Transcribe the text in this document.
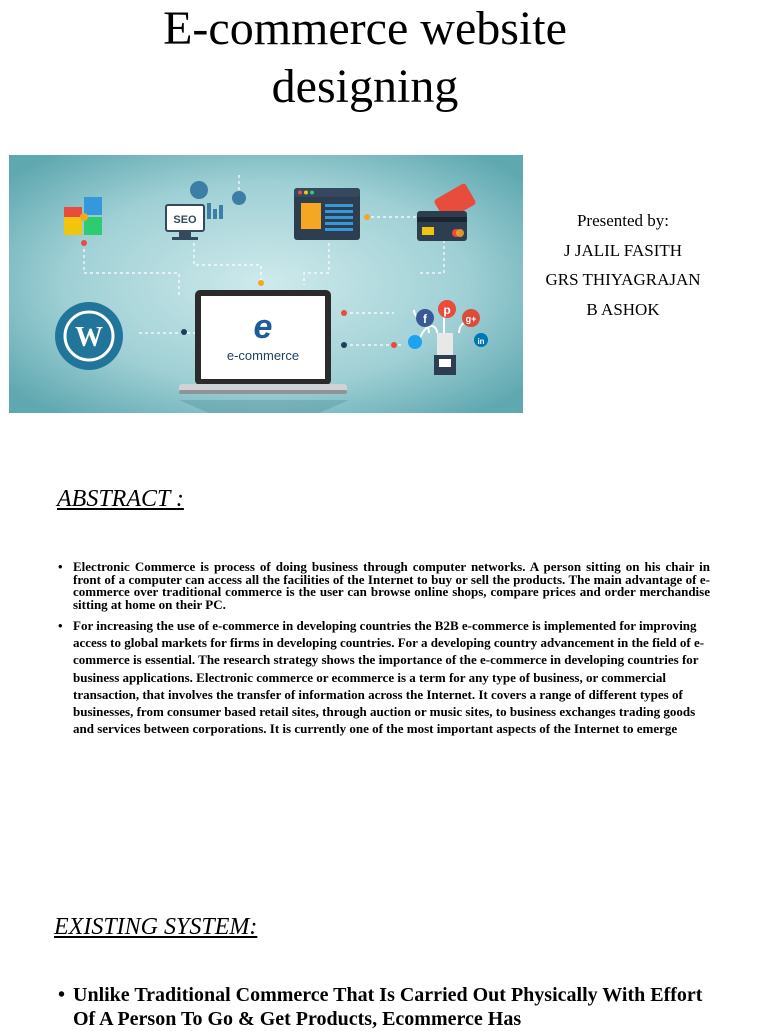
E-commerce website
designing
SEO
W	e
e-commerce
f
p
g+
in
Presented by:
J JALIL FASITH
GRS THIYAGRAJAN
B ASHOK
ABSTRACT :
• Electronic Commerce is process of doing business through computer networks. A person sitting on his chair in front of a computer can access all the facilities of the Internet to buy or sell the products. The main advantage of e-commerce over traditional commerce is the user can browse online shops, compare prices and order merchandise sitting at home on their PC.
• For increasing the use of e-commerce in developing countries the B2B e-commerce is implemented for improving access to global markets for firms in developing countries. For a developing country advancement in the field of e-commerce is essential. The research strategy shows the importance of the e-commerce in developing countries for business applications. Electronic commerce or ecommerce is a term for any type of business, or commercial transaction, that involves the transfer of information across the Internet. It covers a range of different types of businesses, from consumer based retail sites, through auction or music sites, to business exchanges trading goods and services between corporations. It is currently one of the most important aspects of the Internet to emerge
EXISTING SYSTEM:
• Unlike Traditional Commerce That Is Carried Out Physically With Effort Of A Person To Go & Get Products, Ecommerce Has
